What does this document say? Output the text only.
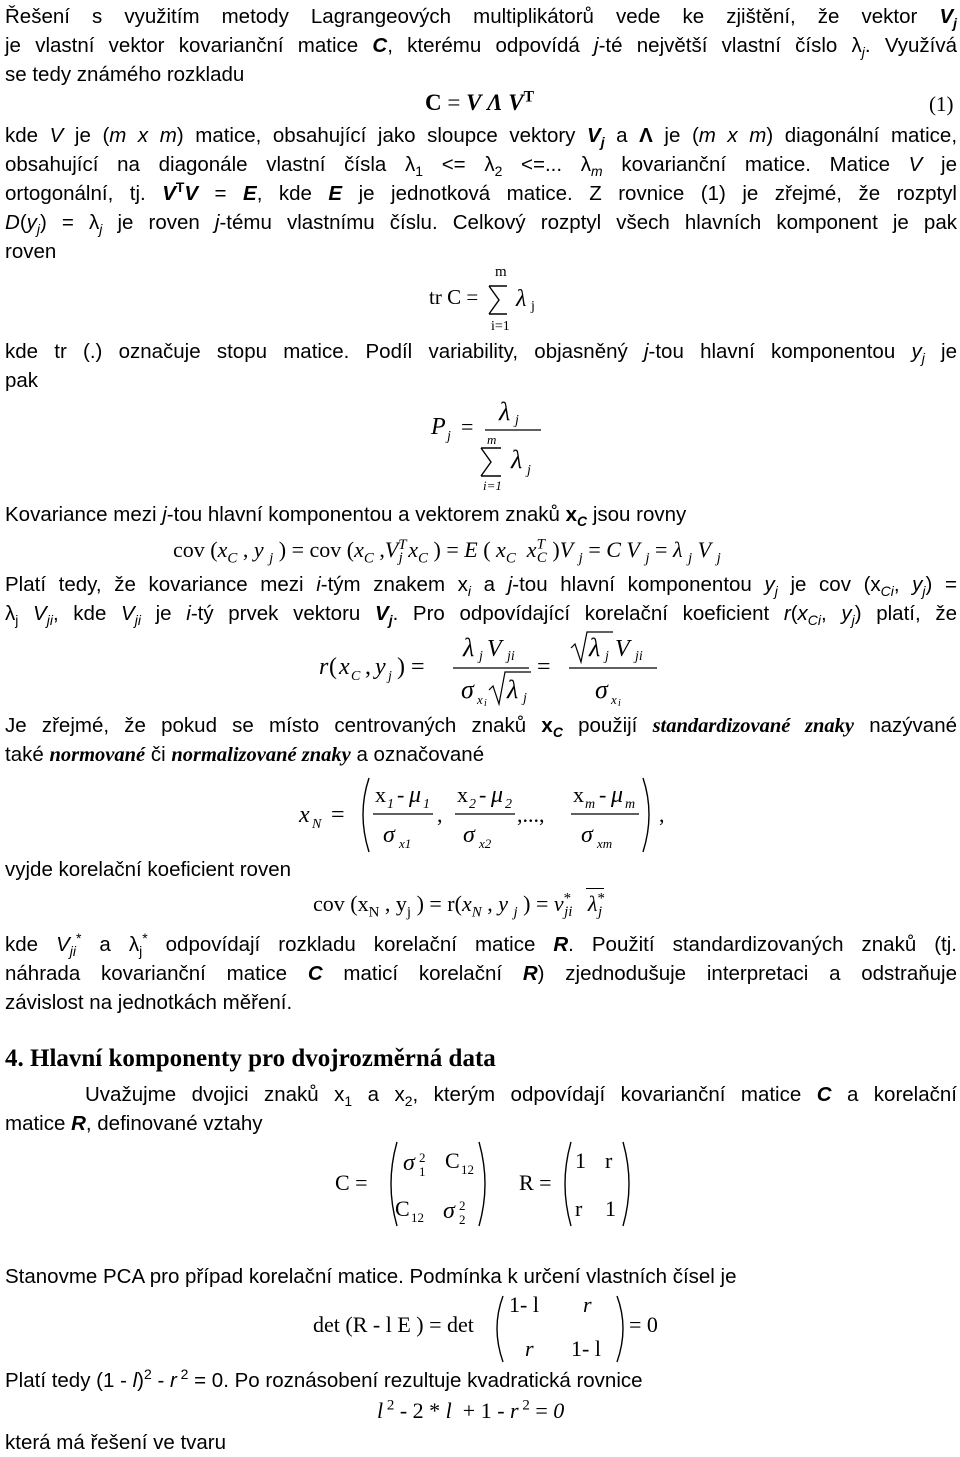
Řešení s využitím metody Lagrangeových multiplikátorů vede ke zjištění, že vektor $V_j$
je vlastní vektor kovarianční matice C, kterému odpovídá j-té největší vlastní číslo $\lambda_j$. Využívá
se tedy známého rozkladu
C = V Λ $V^T$	(1)
kde V je (m x m) matice, obsahující jako sloupce vektory $V_j$ a Λ je (m x m) diagonální matice,
obsahující na diagonále vlastní čísla $\lambda_1 <= \lambda_2$ <=... $\lambda_m$ kovarianční matice. Matice V je
ortogonální, tj. $V^TV = E$, kde E je jednotková matice. Z rovnice (1) je zřejmé, že rozptyl
$D(y_j) = \lambda_j$ je roven j-tému vlastnímu číslu. Celkový rozptyl všech hlavních komponent je pak
roven
m
tr C = λ j
i=1
kde tr (.) označuje stopu matice. Podíl variability, objasněný j-tou hlavní komponentou $y_j$ je
pak
P j =
λ j
m
λ j
i=1
Kovariance mezi j-tou hlavní komponentou a vektorem znaků $x_C$ jsou rovny
cov ($x_C$ , y $_j$ ) = cov ($x_C$ $,V^T_j$ $x_C$ ) = E ( $x_C$ $x^T_C$ )V $_j$ = C V $_j$ = λ $_j$ V $_j$
Platí tedy, že kovariance mezi i-tým znakem $x_i$ a j-tou hlavní komponentou $y_j$ je cov ($x_{Ci}$, $y_j$) =
$\lambda_j$ $V_{ji}$, kde $V_{ji}$ je i-tý prvek vektoru $V_j$. Pro odpovídající korelační koeficient $r(x_{Ci}$, $y_j$) platí, že
r ( x C , y j ) =
λ j V ji
σ x i λ j
=
λ j V ji
σ x i
Je zřejmé, že pokud se místo centrovaných znaků $x_C$ použijí standardizované znaky nazývané
také normované či normalizované znaky a označované
x N =
x 1 - μ 1
σ x1
,
x 2 - μ 2
σ x2
,...,
x m - μ m
σ xm
,
vyjde korelační koeficient roven
cov ($x_N$ , $y_j$ ) = $r(x_N$ , y $_j$ ) = $v^*_{ji}$ $\lambda^*_j$
kde $V_{ji}^*$ a $\lambda_j^*$ odpovídají rozkladu korelační matice R. Použití standardizovaných znaků (tj.
náhrada kovarianční matice C maticí korelační R) zjednodušuje interpretaci a odstraňuje
závislost na jednotkách měření.
4. Hlavní komponenty pro dvojrozměrná data
Uvažujme dvojici znaků $x_1$ a $x_2$, kterým odpovídají kovarianční matice C a korelační
matice R, definované vztahy
C =
σ 2
1 C 12
C 12 σ 2
2
R =
1 r
r 1
Stanovme PCA pro případ korelační matice. Podmínka k určení vlastních čísel je
det (R - l E ) = det
1- l r
r 1- l
= 0
Platí tedy (1 - l)$^2$ - r $^2$ = 0. Po roznásobení rezultuje kvadratická rovnice
l $^2$ - 2 * l  + 1 - r $^2$ = 0
která má řešení ve tvaru
